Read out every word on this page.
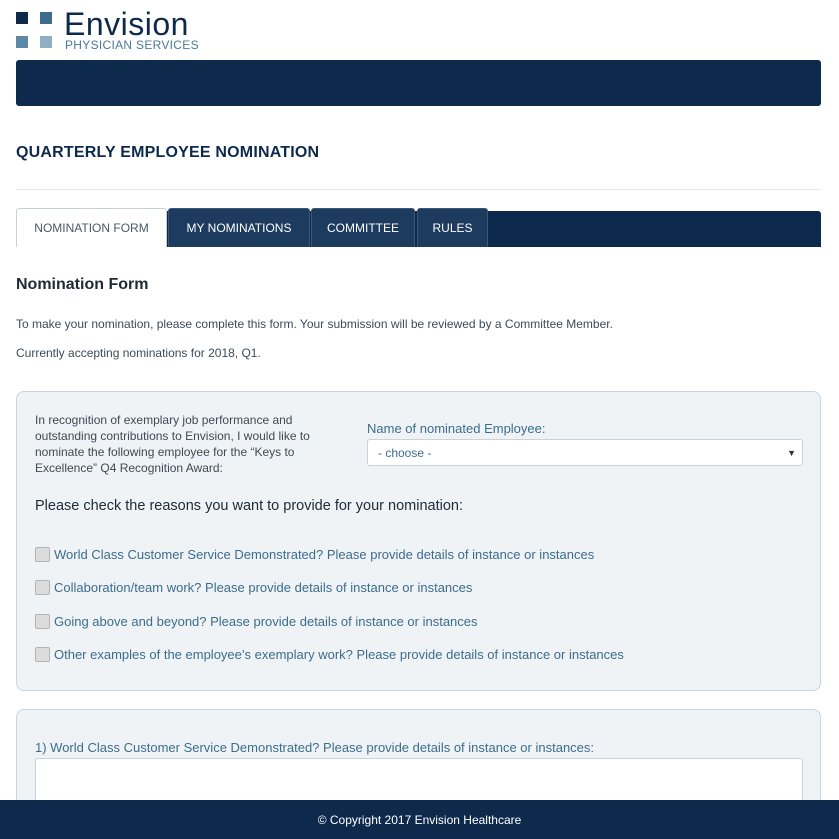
Envision
PHYSICIAN SERVICES
QUARTERLY EMPLOYEE NOMINATION
NOMINATION FORM	MY NOMINATIONS	COMMITTEE	RULES
Nomination Form

To make your nomination, please complete this form. Your submission will be reviewed by a Committee Member.

Currently accepting nominations for 2018, Q1.

In recognition of exemplary job performance and outstanding contributions to Envision, I would like to nominate the following employee for the “Keys to Excellence” Q4 Recognition Award:

Name of nominated Employee:
- choose -	▼

Please check the reasons you want to provide for your nomination:

World Class Customer Service Demonstrated? Please provide details of instance or instances
Collaboration/team work? Please provide details of instance or instances
Going above and beyond? Please provide details of instance or instances
Other examples of the employee’s exemplary work? Please provide details of instance or instances
1) World Class Customer Service Demonstrated? Please provide details of instance or instances:
© Copyright 2017 Envision Healthcare
